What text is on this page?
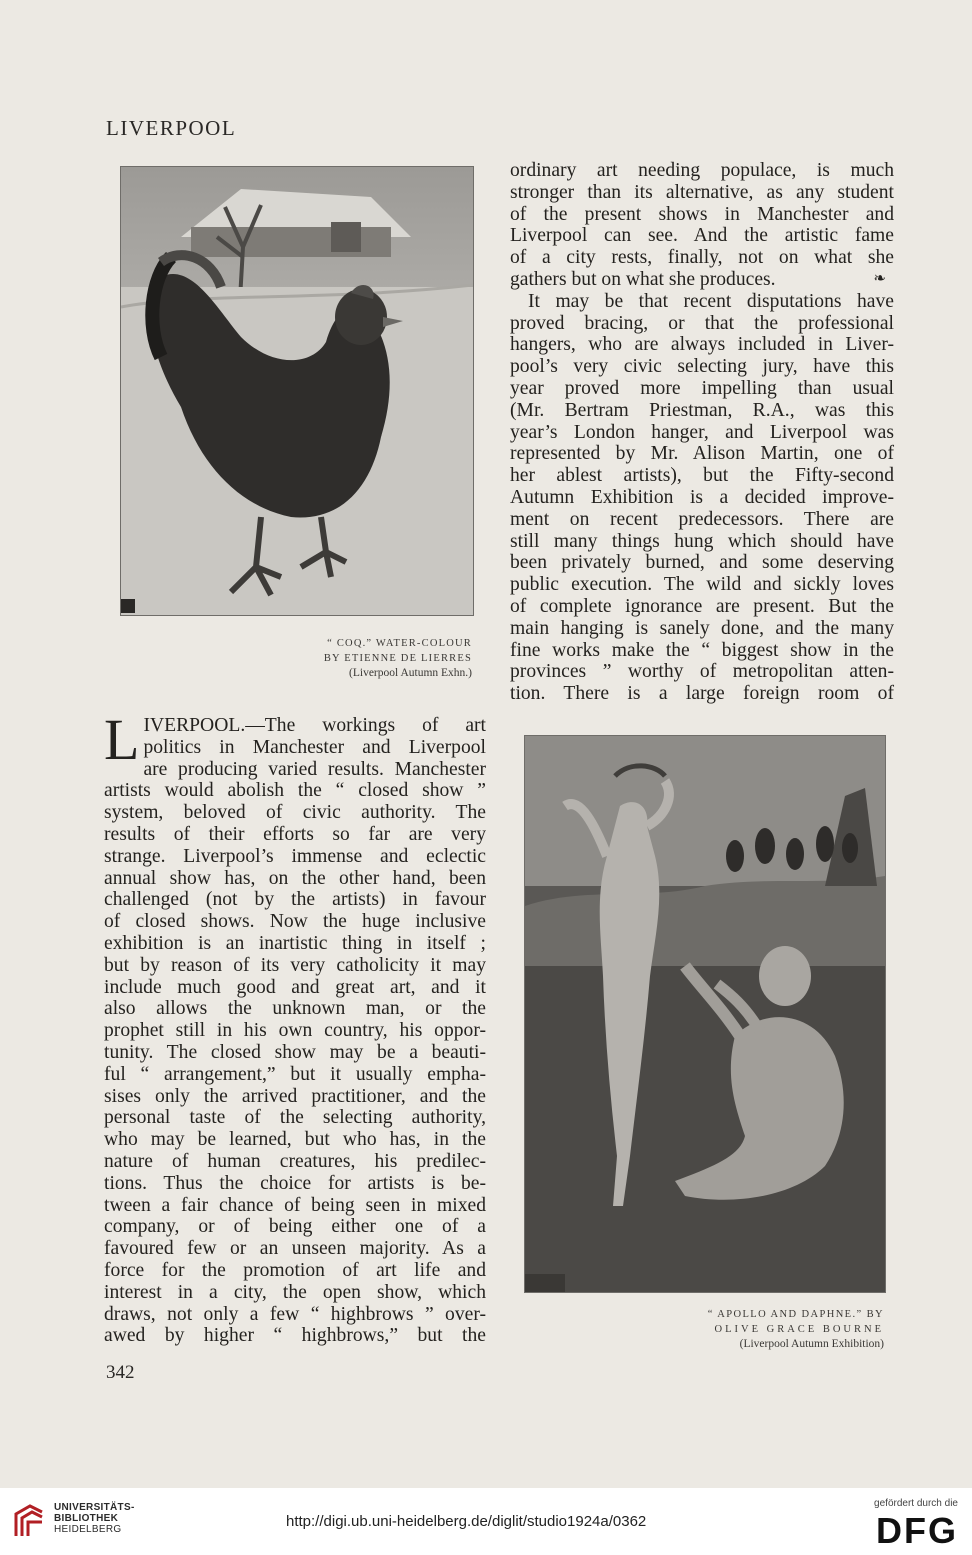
LIVERPOOL
“ COQ.” WATER-COLOUR
BY ETIENNE DE LIERRES
(Liverpool Autumn Exhn.)
ordinary art needing populace, is much
stronger than its alternative, as any student
of the present shows in Manchester and
Liverpool can see. And the artistic fame
of a city rests, finally, not on what she
gathers but on what she produces.	❧
It may be that recent disputations have
proved bracing, or that the professional
hangers, who are always included in Liver-
pool’s very civic selecting jury, have this
year proved more impelling than usual
(Mr. Bertram Priestman, R.A., was this
year’s London hanger, and Liverpool was
represented by Mr. Alison Martin, one of
her ablest artists), but the Fifty-second
Autumn Exhibition is a decided improve-
ment on recent predecessors. There are
still many things hung which should have
been privately burned, and some deserving
public execution. The wild and sickly loves
of complete ignorance are present. But the
main hanging is sanely done, and the many
fine works make the “ biggest show in the
provinces ” worthy of metropolitan atten-
tion. There is a large foreign room of
L IVERPOOL.—The workings of art
politics in Manchester and Liverpool
are producing varied results. Manchester
artists would abolish the “ closed show ”
system, beloved of civic authority. The
results of their efforts so far are very
strange. Liverpool’s immense and eclectic
annual show has, on the other hand, been
challenged (not by the artists) in favour
of closed shows. Now the huge inclusive
exhibition is an inartistic thing in itself ;
but by reason of its very catholicity it may
include much good and great art, and it
also allows the unknown man, or the
prophet still in his own country, his oppor-
tunity. The closed show may be a beauti-
ful “ arrangement,” but it usually empha-
sises only the arrived practitioner, and the
personal taste of the selecting authority,
who may be learned, but who has, in the
nature of human creatures, his predilec-
tions. Thus the choice for artists is be-
tween a fair chance of being seen in mixed
company, or of being either one of a
favoured few or an unseen majority. As a
force for the promotion of art life and
interest in a city, the open show, which
draws, not only a few “ highbrows ” over-
awed by higher “ highbrows,” but the
“ APOLLO AND DAPHNE.” BY
OLIVE GRACE BOURNE
(Liverpool Autumn Exhibition)
342
UNIVERSITÄTS-
BIBLIOTHEK
HEIDELBERG	http://digi.ub.uni-heidelberg.de/diglit/studio1924a/0362
gefördert durch die
DFG
